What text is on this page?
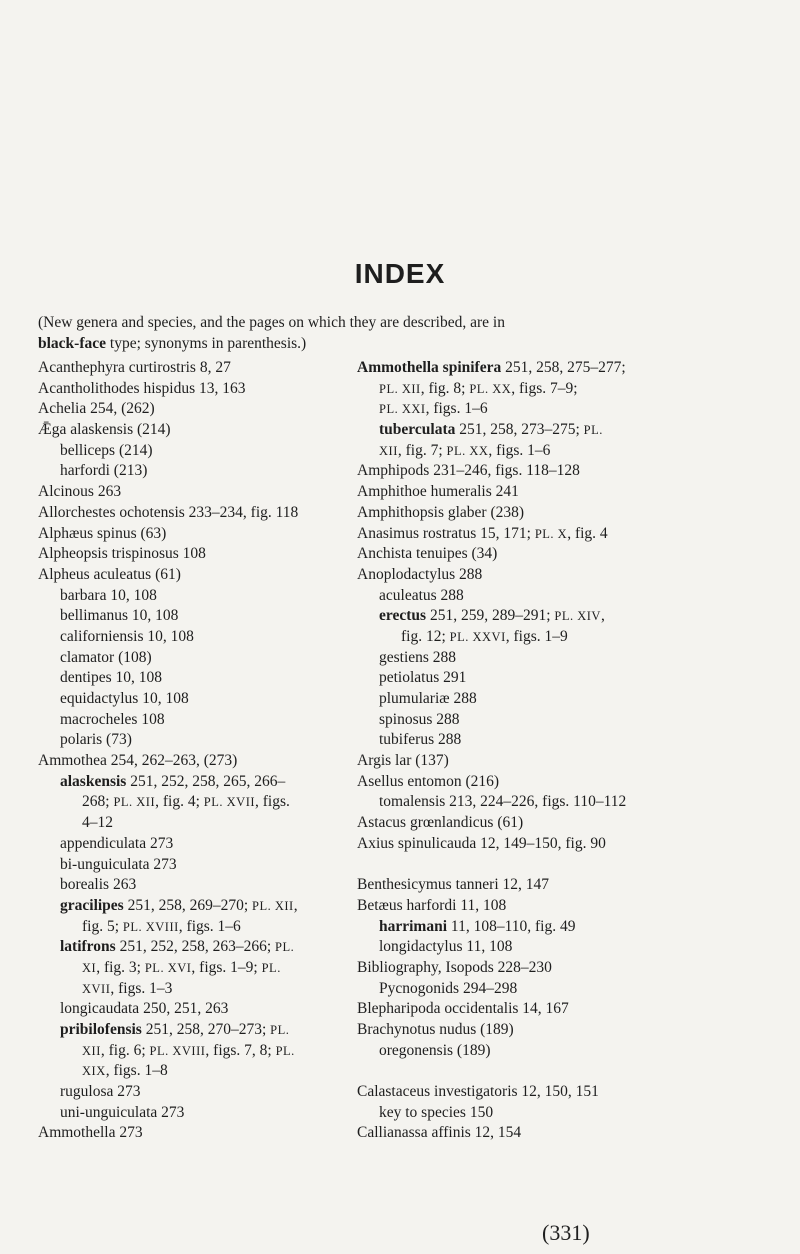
INDEX
(New genera and species, and the pages on which they are described, are in
black-face type; synonyms in parenthesis.)
Acanthephyra curtirostris 8, 27
Acantholithodes hispidus 13, 163
Achelia 254, (262)
Ǣga alaskensis (214)
belliceps (214)
harfordi (213)
Alcinous 263
Allorchestes ochotensis 233–234, fig. 118
Alphæus spinus (63)
Alpheopsis trispinosus 108
Alpheus aculeatus (61)
barbara 10, 108
bellimanus 10, 108
californiensis 10, 108
clamator (108)
dentipes 10, 108
equidactylus 10, 108
macrocheles 108
polaris (73)
Ammothea 254, 262–263, (273)
alaskensis 251, 252, 258, 265, 266–
268; PL. XII, fig. 4; PL. XVII, figs.
4–12
appendiculata 273
bi-unguiculata 273
borealis 263
gracilipes 251, 258, 269–270; PL. XII,
fig. 5; PL. XVIII, figs. 1–6
latifrons 251, 252, 258, 263–266; PL.
XI, fig. 3; PL. XVI, figs. 1–9; PL.
XVII, figs. 1–3
longicaudata 250, 251, 263
pribilofensis 251, 258, 270–273; PL.
XII, fig. 6; PL. XVIII, figs. 7, 8; PL.
XIX, figs. 1–8
rugulosa 273
uni-unguiculata 273
Ammothella 273
Ammothella spinifera 251, 258, 275–277;
PL. XII, fig. 8; PL. XX, figs. 7–9;
PL. XXI, figs. 1–6
tuberculata 251, 258, 273–275; PL.
XII, fig. 7; PL. XX, figs. 1–6
Amphipods 231–246, figs. 118–128
Amphithoe humeralis 241
Amphithopsis glaber (238)
Anasimus rostratus 15, 171; PL. X, fig. 4
Anchista tenuipes (34)
Anoplodactylus 288
aculeatus 288
erectus 251, 259, 289–291; PL. XIV,
fig. 12; PL. XXVI, figs. 1–9
gestiens 288
petiolatus 291
plumulariæ 288
spinosus 288
tubiferus 288
Argis lar (137)
Asellus entomon (216)
tomalensis 213, 224–226, figs. 110–112
Astacus grœnlandicus (61)
Axius spinulicauda 12, 149–150, fig. 90
Benthesicymus tanneri 12, 147
Betæus harfordi 11, 108
harrimani 11, 108–110, fig. 49
longidactylus 11, 108
Bibliography, Isopods 228–230
Pycnogonids 294–298
Blepharipoda occidentalis 14, 167
Brachynotus nudus (189)
oregonensis (189)
Calastaceus investigatoris 12, 150, 151
key to species 150
Callianassa affinis 12, 154
(331)
